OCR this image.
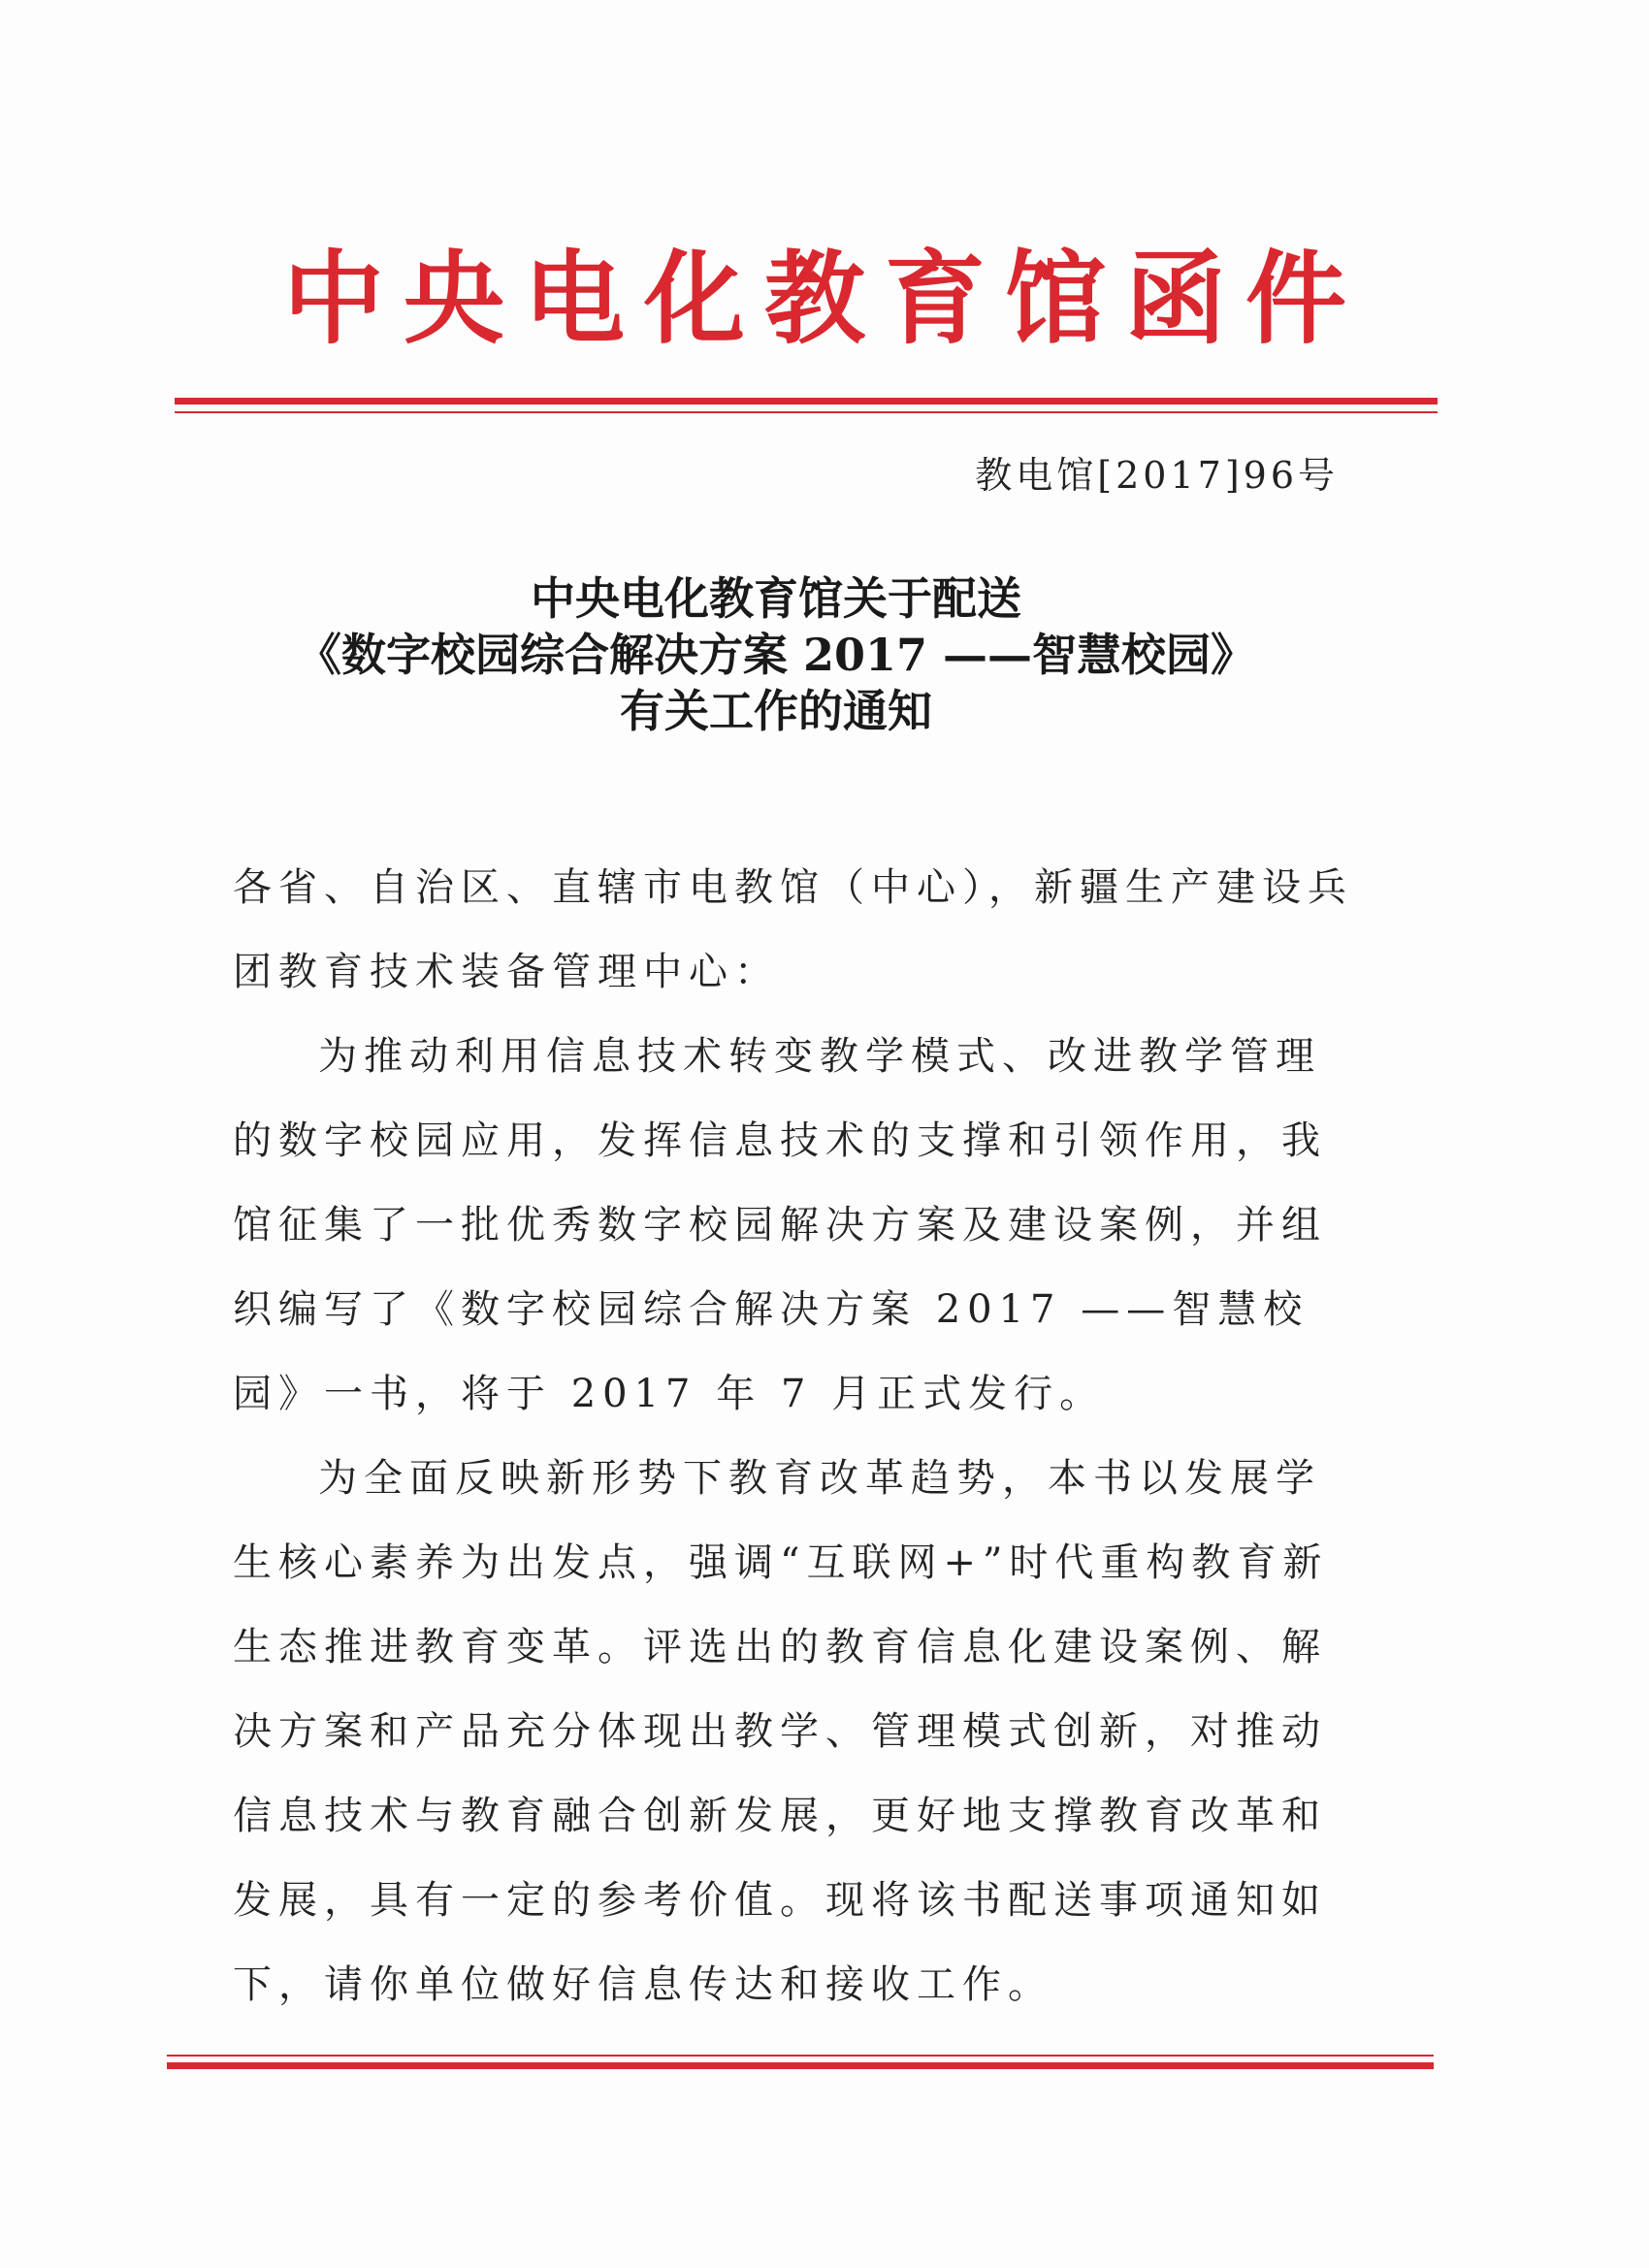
中央电化教育馆函件
教电馆[2017]96号
中央电化教育馆关于配送
《数字校园综合解决方案 2017 ——智慧校园》
有关工作的通知

各省、自治区、直辖市电教馆（中心），新疆生产建设兵团教育技术装备管理中心：

为推动利用信息技术转变教学模式、改进教学管理的数字校园应用，发挥信息技术的支撑和引领作用，我馆征集了一批优秀数字校园解决方案及建设案例，并组织编写了《数字校园综合解决方案 2017 ——智慧校园》一书，将于 2017 年 7 月正式发行。

为全面反映新形势下教育改革趋势，本书以发展学生核心素养为出发点，强调“互联网+”时代重构教育新生态推进教育变革。评选出的教育信息化建设案例、解决方案和产品充分体现出教学、管理模式创新，对推动信息技术与教育融合创新发展，更好地支撑教育改革和发展，具有一定的参考价值。现将该书配送事项通知如下，请你单位做好信息传达和接收工作。
